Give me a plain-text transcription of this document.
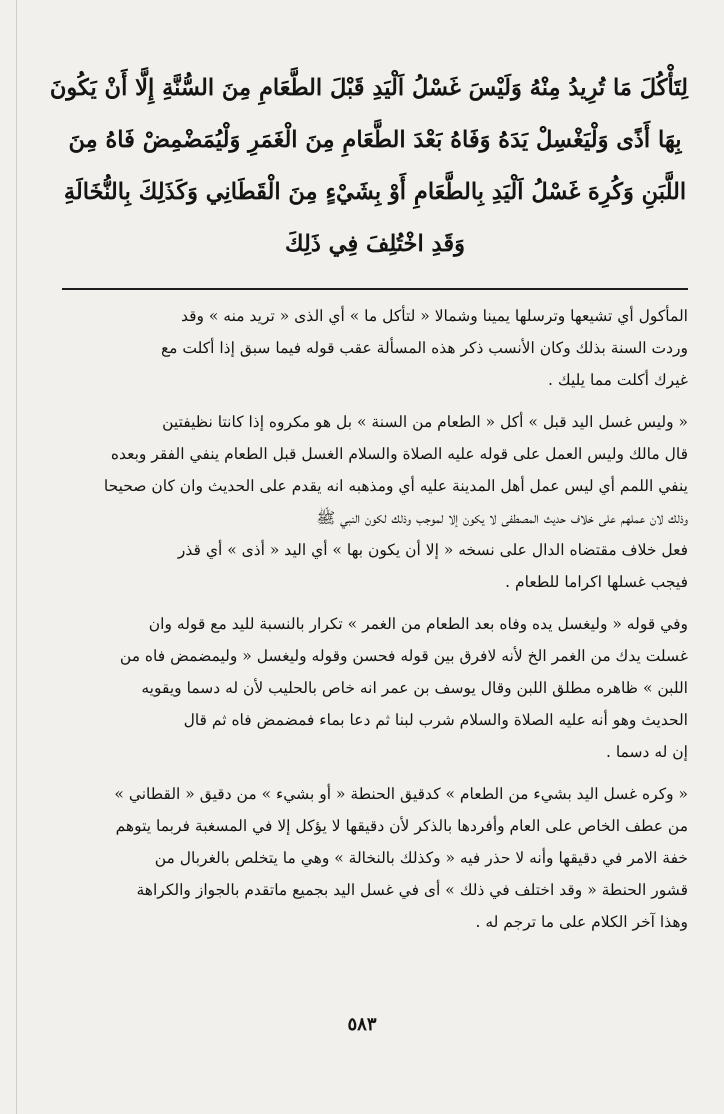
لِتَأْكُلَ مَا تُرِيدُ مِنْهُ وَلَيْسَ غَسْلُ اَلْيَدِ قَبْلَ الطَّعَامِ مِنَ السُّنَّةِ إِلَّا أَنْ يَكُونَ
بِهَا أَذًى وَلْيَغْسِلْ يَدَهُ وَفَاهُ بَعْدَ الطَّعَامِ مِنَ الْغَمَرِ وَلْيُمَضْمِضْ فَاهُ مِنَ
اللَّبَنِ وَكُرِهَ غَسْلُ اَلْيَدِ بِالطَّعَامِ أَوْ بِشَيْءٍ مِنَ الْقَطَانِي وَكَذَلِكَ بِالنُّخَالَةِ
وَقَدِ اخْتُلِفَ فِي ذَلِكَ

المأكول أي تشيعها وترسلها يمينا وشمالا « لتأكل ما » أي الذى « تريد منه » وقد
وردت السنة بذلك وكان الأنسب ذكر هذه المسألة عقب قوله فيما سبق إذا أكلت مع
غيرك أكلت مما يليك .

« وليس غسل اليد قبل » أكل « الطعام من السنة » بل هو مكروه إذا كانتا نظيفتين
قال مالك وليس العمل على قوله عليه الصلاة والسلام الغسل قبل الطعام ينفي الفقر وبعده
ينفي اللمم أي ليس عمل أهل المدينة عليه أي ومذهبه انه يقدم على الحديث وان كان صحيحا
وذلك لان عملهم على خلاف حديث المصطفى لا يكون إلا لموجب وذلك لكون النبي ﷺ
فعل خلاف مقتضاه الدال على نسخه « إلا أن يكون بها » أي اليد « أذى » أي قذر
فيجب غسلها اكراما للطعام .

وفي قوله « وليغسل يده وفاه بعد الطعام من الغمر » تكرار بالنسبة لليد مع قوله وان
غسلت يدك من الغمر الخ لأنه لافرق بين قوله فحسن وقوله وليغسل « وليمضمض فاه من
اللبن » ظاهره مطلق اللبن وقال يوسف بن عمر انه خاص بالحليب لأن له دسما ويقويه
الحديث وهو أنه عليه الصلاة والسلام شرب لبنا ثم دعا بماء فمضمض فاه ثم قال
إن له دسما .

« وكره غسل اليد بشيء من الطعام » كدقيق الحنطة « أو بشيء » من دقيق « القطاني »
من عطف الخاص على العام وأفردها بالذكر لأن دقيقها لا يؤكل إلا في المسغبة فربما يتوهم
خفة الامر في دقيقها وأنه لا حذر فيه « وكذلك بالنخالة » وهي ما يتخلص بالغربال من
قشور الحنطة « وقد اختلف في ذلك » أى في غسل اليد بجميع ماتقدم بالجواز والكراهة
وهذا آخر الكلام على ما ترجم له .

٥٨٣
